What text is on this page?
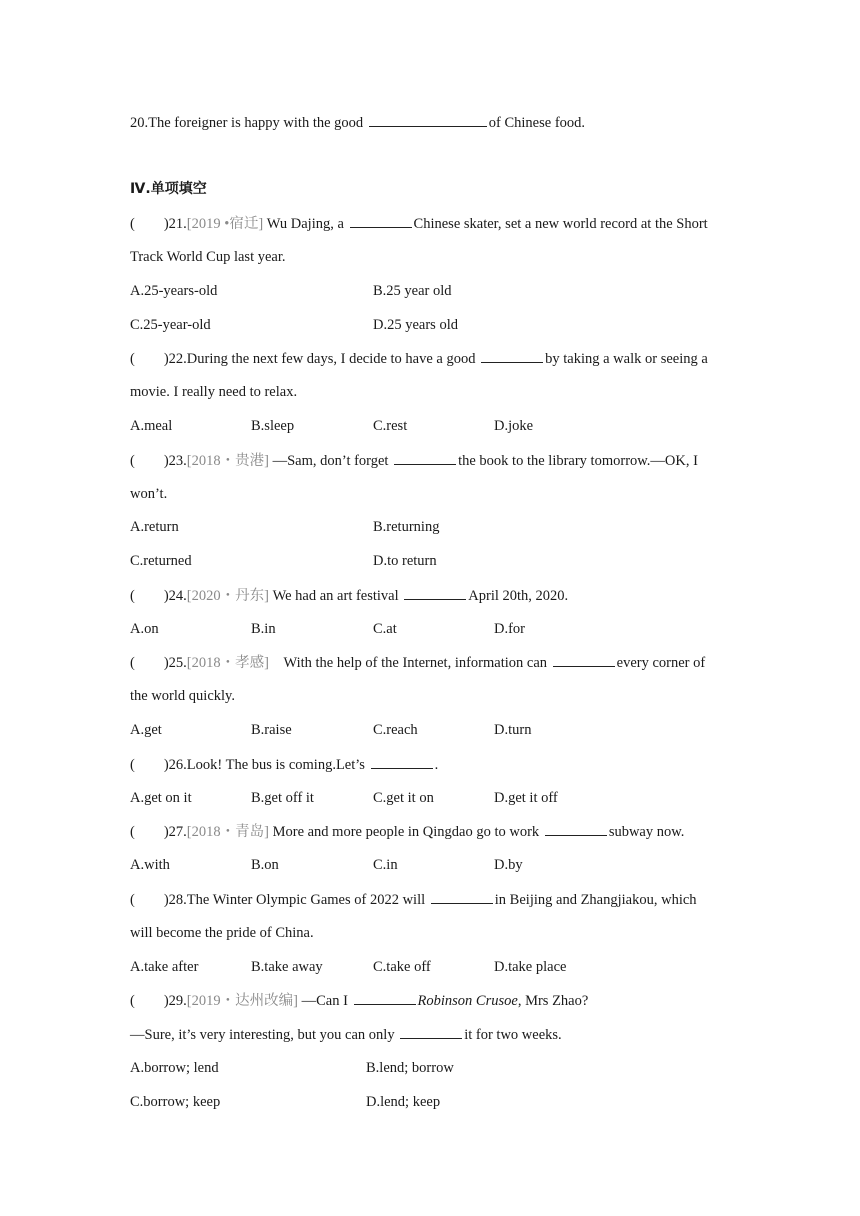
20.The foreigner is happy with the good	of Chinese food.
Ⅳ.单项填空
(        )21.[2019 •宿迁] Wu Dajing, a	Chinese skater, set a new world record at the Short
Track World Cup last year.
A.25-years-old	B.25 year old
C.25-year-old	D.25 years old
(        )22.During the next few days, I decide to have a good	by taking a walk or seeing a
movie. I really need to relax.
A.meal	B.sleep	C.rest	D.joke
(        )23.[2018・贵港] —Sam, don’t forget	the book to the library tomorrow.—OK, I
won’t.
A.return	B.returning
C.returned	D.to return
(        )24.[2020・丹东] We had an art festival	April 20th, 2020.
A.on	B.in	C.at	D.for
(        )25.[2018・孝感]    With the help of the Internet, information can	every corner of
the world quickly.
A.get	B.raise	C.reach	D.turn
(        )26.Look! The bus is coming.Let’s	.
A.get on it	B.get off it	C.get it on	D.get it off
(        )27.[2018・青岛] More and more people in Qingdao go to work	subway now.
A.with	B.on	C.in	D.by
(        )28.The Winter Olympic Games of 2022 will	in Beijing and Zhangjiakou, which
will become the pride of China.
A.take after	B.take away	C.take off	D.take place
(        )29.[2019・达州改编] —Can I	Robinson Crusoe, Mrs Zhao?
—Sure, it’s very interesting, but you can only	it for two weeks.
A.borrow; lend	B.lend; borrow
C.borrow; keep	D.lend; keep
